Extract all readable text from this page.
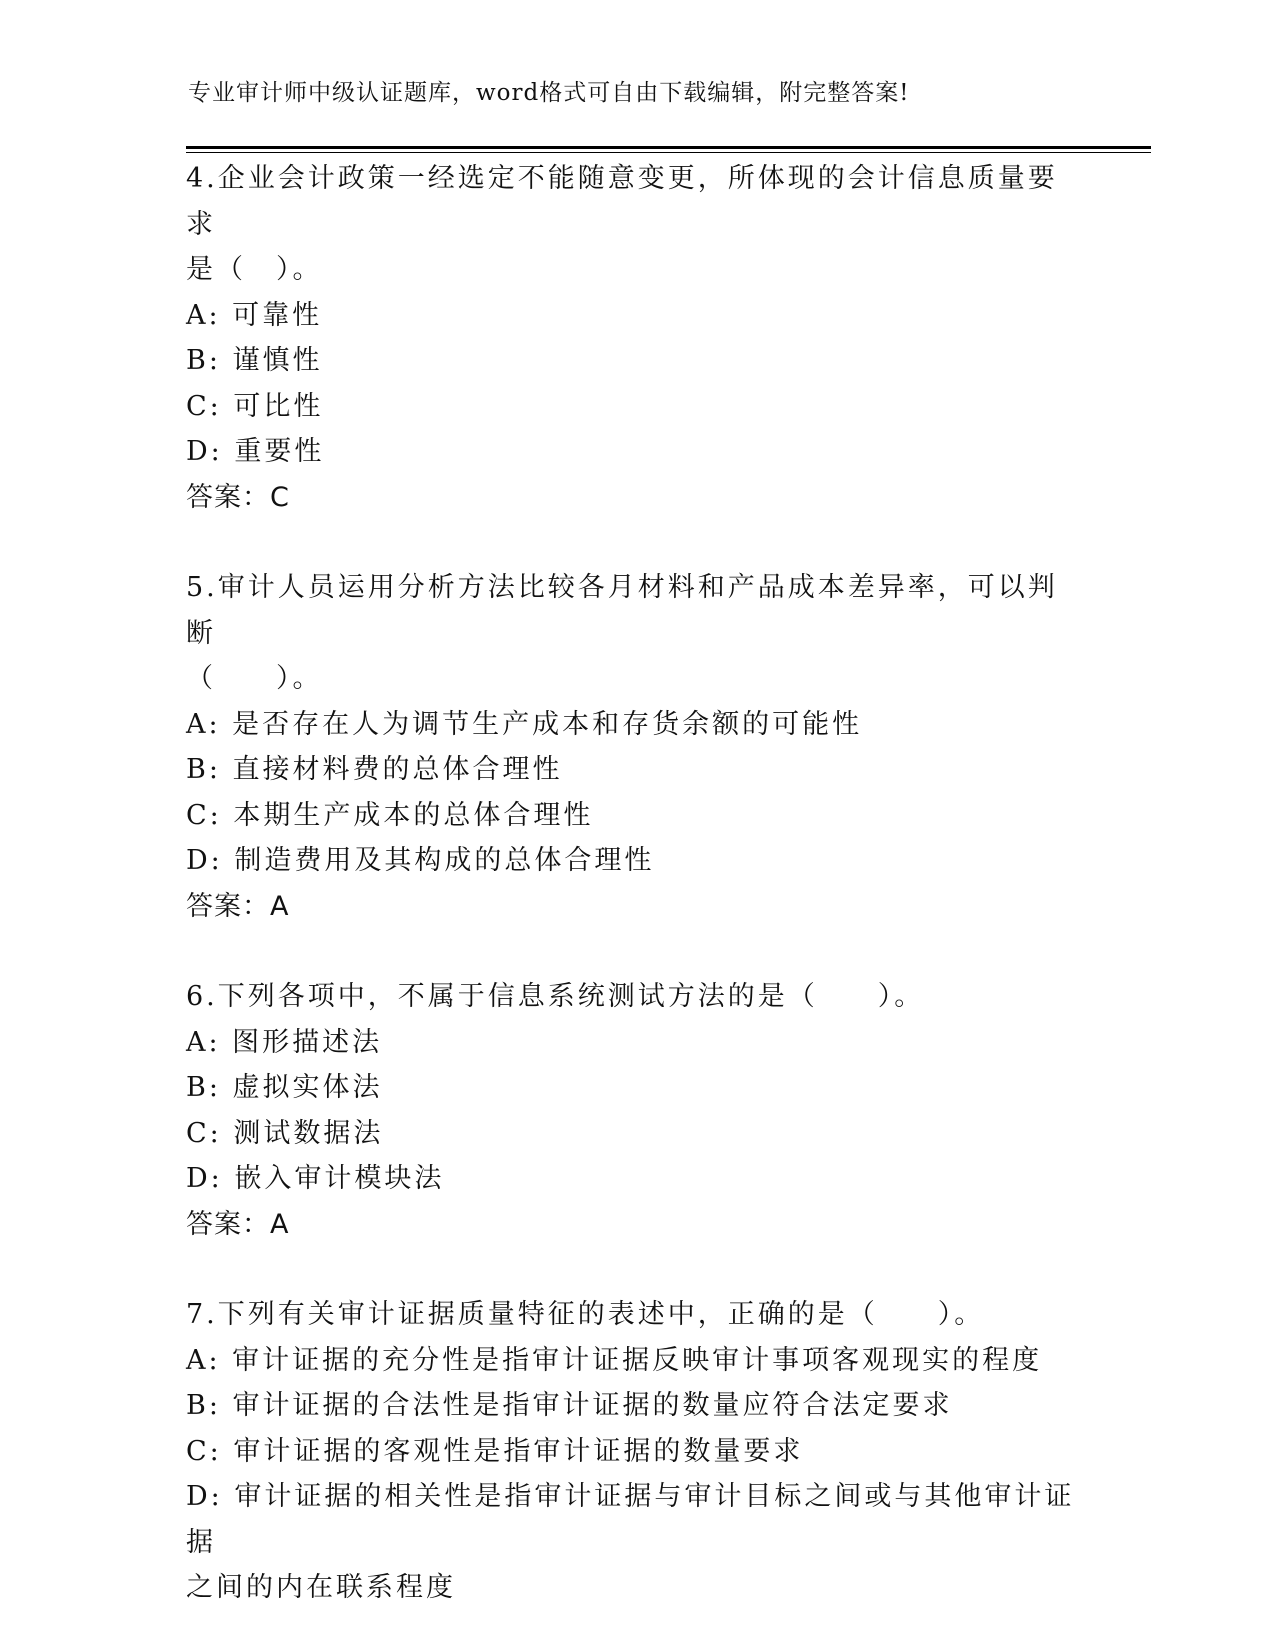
专业审计师中级认证题库，word格式可自由下载编辑，附完整答案!
4.企业会计政策一经选定不能随意变更，所体现的会计信息质量要求
是（　）。
A: 可靠性
B: 谨慎性
C: 可比性
D: 重要性
答案：C
5.审计人员运用分析方法比较各月材料和产品成本差异率，可以判断
（　　）。
A: 是否存在人为调节生产成本和存货余额的可能性
B: 直接材料费的总体合理性
C: 本期生产成本的总体合理性
D: 制造费用及其构成的总体合理性
答案：A
6.下列各项中，不属于信息系统测试方法的是（　　）。
A: 图形描述法
B: 虚拟实体法
C: 测试数据法
D: 嵌入审计模块法
答案：A
7.下列有关审计证据质量特征的表述中，正确的是（　　）。
A: 审计证据的充分性是指审计证据反映审计事项客观现实的程度
B: 审计证据的合法性是指审计证据的数量应符合法定要求
C: 审计证据的客观性是指审计证据的数量要求
D: 审计证据的相关性是指审计证据与审计目标之间或与其他审计证据
之间的内在联系程度
